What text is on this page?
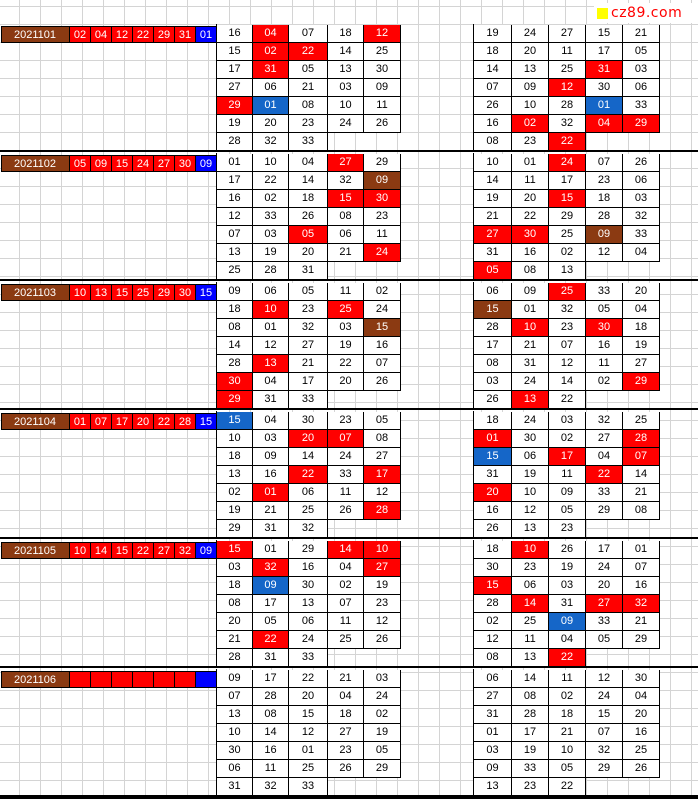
2021101	02 04 12 22 29 31 01	16	04	07	18	12
15	02	22	14	25
17	31	05	13	30
27	06	21	03	09
29	01	08	10	11
19	20	23	24	26
28	32	33
19	24	27	15	21
18	20	11	17	05
14	13	25	31	03
07	09	12	30	06
26	10	28	01	33
16	02	32	04	29
08	23	22
2021102	05 09 15 24 27 30 09	01	10	04	27	29
17	22	14	32	09
16	02	18	15	30
12	33	26	08	23
07	03	05	06	11
13	19	20	21	24
25	28	31
10	01	24	07	26
14	11	17	23	06
19	20	15	18	03
21	22	29	28	32
27	30	25	09	33
31	16	02	12	04
05	08	13
2021103	10 13 15 25 29 30 15	09	06	05	11	02
18	10	23	25	24
08	01	32	03	15
14	12	27	19	16
28	13	21	22	07
30	04	17	20	26
29	31	33
06	09	25	33	20
15	01	32	05	04
28	10	23	30	18
17	21	07	16	19
08	31	12	11	27
03	24	14	02	29
26	13	22
2021104	01 07 17 20 22 28 15	15	04	30	23	05
10	03	20	07	08
18	09	14	24	27
13	16	22	33	17
02	01	06	11	12
19	21	25	26	28
29	31	32
18	24	03	32	25
01	30	02	27	28
15	06	17	04	07
31	19	11	22	14
20	10	09	33	21
16	12	05	29	08
26	13	23
2021105	10 14 15 22 27 32 09	15	01	29	14	10
03	32	16	04	27
18	09	30	02	19
08	17	13	07	23
20	05	06	11	12
21	22	24	25	26
28	31	33
18	10	26	17	01
30	23	19	24	07
15	06	03	20	16
28	14	31	27	32
02	25	09	33	21
12	11	04	05	29
08	13	22
2021106	09	17	22	21	03
07	28	20	04	24
13	08	15	18	02
10	14	12	27	19
30	16	01	23	05
06	11	25	26	29
31	32	33
06	14	11	12	30
27	08	02	24	04
31	28	18	15	20
01	17	21	07	16
03	19	10	32	25
09	33	05	29	26
13	23	22
cz89.com
